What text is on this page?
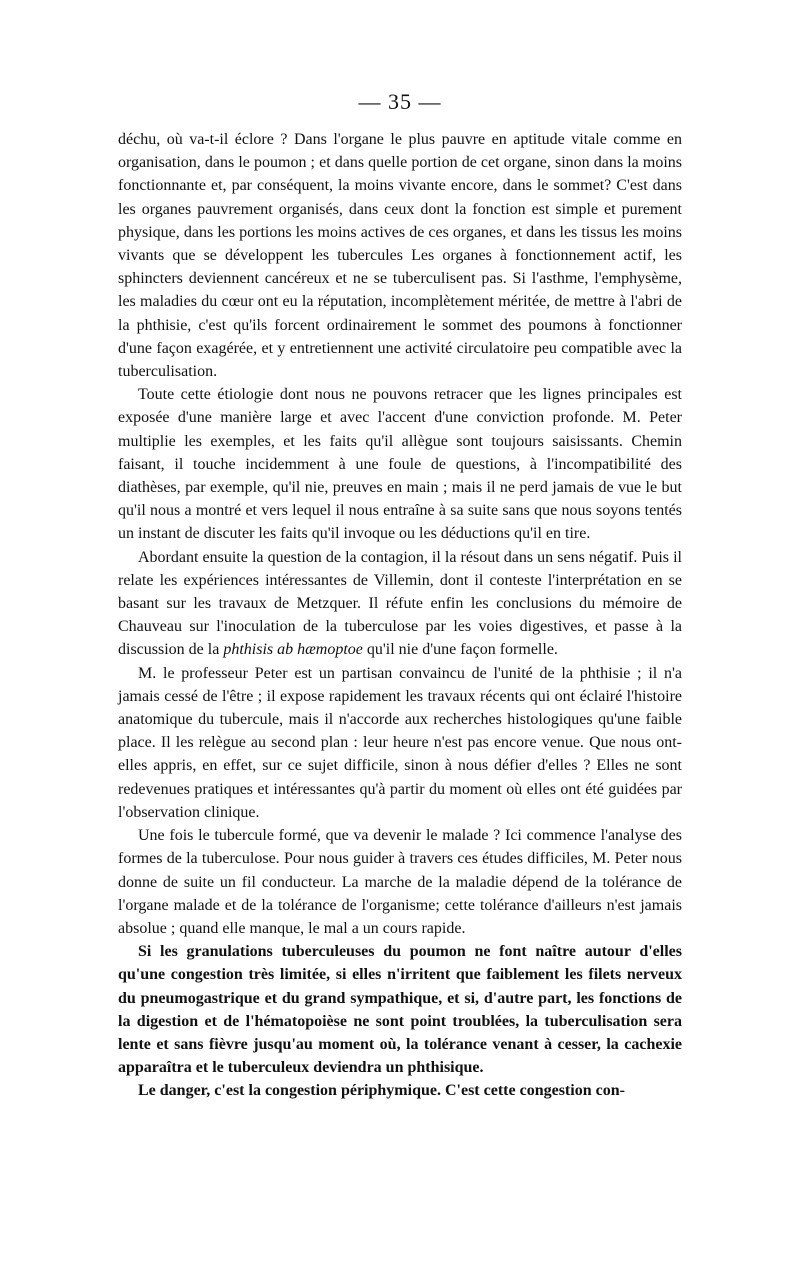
— 35 —

déchu, où va-t-il éclore ? Dans l'organe le plus pauvre en aptitude vitale comme en organisation, dans le poumon ; et dans quelle portion de cet organe, sinon dans la moins fonctionnante et, par conséquent, la moins vivante encore, dans le sommet? C'est dans les organes pauvrement organisés, dans ceux dont la fonction est simple et purement physique, dans les portions les moins actives de ces organes, et dans les tissus les moins vivants que se développent les tubercules Les organes à fonctionnement actif, les sphincters deviennent cancéreux et ne se tuberculisent pas. Si l'asthme, l'emphysème, les maladies du cœur ont eu la réputation, incomplètement méritée, de mettre à l'abri de la phthisie, c'est qu'ils forcent ordinairement le sommet des poumons à fonctionner d'une façon exagérée, et y entretiennent une activité circulatoire peu compatible avec la tuberculisation.

Toute cette étiologie dont nous ne pouvons retracer que les lignes principales est exposée d'une manière large et avec l'accent d'une conviction profonde. M. Peter multiplie les exemples, et les faits qu'il allègue sont toujours saisissants. Chemin faisant, il touche incidemment à une foule de questions, à l'incompatibilité des diathèses, par exemple, qu'il nie, preuves en main ; mais il ne perd jamais de vue le but qu'il nous a montré et vers lequel il nous entraîne à sa suite sans que nous soyons tentés un instant de discuter les faits qu'il invoque ou les déductions qu'il en tire.

Abordant ensuite la question de la contagion, il la résout dans un sens négatif. Puis il relate les expériences intéressantes de Villemin, dont il conteste l'interprétation en se basant sur les travaux de Metzquer. Il réfute enfin les conclusions du mémoire de Chauveau sur l'inoculation de la tuberculose par les voies digestives, et passe à la discussion de la phthisis ab hæmoptoe qu'il nie d'une façon formelle.

M. le professeur Peter est un partisan convaincu de l'unité de la phthisie ; il n'a jamais cessé de l'être ; il expose rapidement les travaux récents qui ont éclairé l'histoire anatomique du tubercule, mais il n'accorde aux recherches histologiques qu'une faible place. Il les relègue au second plan : leur heure n'est pas encore venue. Que nous ont-elles appris, en effet, sur ce sujet difficile, sinon à nous défier d'elles ? Elles ne sont redevenues pratiques et intéressantes qu'à partir du moment où elles ont été guidées par l'observation clinique.

Une fois le tubercule formé, que va devenir le malade ? Ici commence l'analyse des formes de la tuberculose. Pour nous guider à travers ces études difficiles, M. Peter nous donne de suite un fil conducteur. La marche de la maladie dépend de la tolérance de l'organe malade et de la tolérance de l'organisme; cette tolérance d'ailleurs n'est jamais absolue ; quand elle manque, le mal a un cours rapide.

Si les granulations tuberculeuses du poumon ne font naître autour d'elles qu'une congestion très limitée, si elles n'irritent que faiblement les filets nerveux du pneumogastrique et du grand sympathique, et si, d'autre part, les fonctions de la digestion et de l'hématopoièse ne sont point troublées, la tuberculisation sera lente et sans fièvre jusqu'au moment où, la tolérance venant à cesser, la cachexie apparaîtra et le tuberculeux deviendra un phthisique.

Le danger, c'est la congestion périphymique. C'est cette congestion con-
